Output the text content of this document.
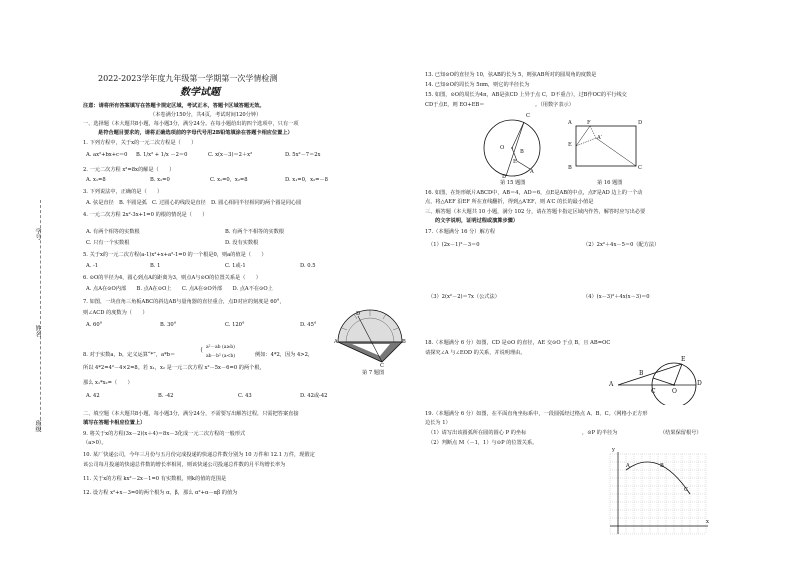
学号
姓名
班级
2022-2023学年度九年级第一学期第一次学情检测
数学试题
注意：请将所有答案填写在答题卡规定区域，考试正本，答题卡区域答题无效。
（本卷满分150分，共4页，考试时间120分钟）
一、选择题（本大题共8小题，每小题3分，满分24分。在每小题给出的四个选项中，只有一项
是符合题目要求的，请将正确选项前的字母代号用2B铅笔填涂在答题卡相应位置上）
1. 下列方程中，关于x的一元二次方程是（　　）
A. ax²+bx+c＝0 B. 1/x² + 1/x －2＝0	C. x(x－3)＝2＋x²	D. 5x²－7＝2x
2. 一元二次方程 x²=8x的解是（　　）
A. x₁=8	B. x₁=0	C. x₁=0，x₂=8	D. x₁=0，x₂=－8
3. 下列说法中，正确的是（　　）
A. 弦是直径　B. 半圆是弧　C. 过圆心的线段是直径　D. 圆心相同半径相同的两个圆是同心圆
4. 一元二次方程 2x²-3x+1=0 的根的情况是（　　）
A. 有两个相等的实数根	B. 有两个不相等的实数根
C. 只有一个实数根	D. 没有实数根
5. 关于x的一元二次方程(a-1)x²+x+a²-1=0 的一个根是0，则a的值是（　　）
A. -1	B. 1	C. 1或-1	D. 0.5
6. ⊙O的半径为4，圆心到点A的距离为3，则点A与⊙O的位置关系是（　　）
A. 点A在⊙O内部　　B. 点A在⊙O上　　C. 点A在⊙O外部　　D. 点A不在⊙O上
7. 如图，一块直角三角板ABC的斜边AB与量角器的直径重合，点D对应的刻度是 60°，
则∠ACD 的度数为（　　）
A. 60°	B. 30°	C. 120°	D. 45°
A	B
C
D
第 7 题图
8. 对于实数a，b，定义运算“*”，a*b＝
{ a²－ab (a≥b)
ab－b² (a<b)	例如：4*2，因为 4>2，
所以 4*2=4²－4×2=8。若 x₁，x₂ 是一元二次方程 x²－5x－6=0 的两个根，
那么 x₁*x₂=（　　）
A. 42	B. -42	C. 43	D. 42或-42
二、填空题（本大题共8小题，每小题3分，满分24分，不需要写出解答过程，只需把答案直接
填写在答题卡相应位置上）
9. 将关于x的方程(3x－2)(x＋4)＝8x－3化成一元二次方程的一般形式
（a>0）。
10. 某厂快递公司，今年三月份与五月份完成投递的快递总件数分别为 10 万件和 12.1 万件，现假定
该公司每月投递的快递总件数的增长率相同，则该快递公司投递总件数的月平均增长率为
11. 关于x的方程 kx²－2x－1=0 有实数根，则k的值的范围是
12. 设方程 x²+x－3=0的两个根为 α，β，那么 α²+α－αβ 的值为
13. 已知⊙O的直径为 10，弦AB的长为 5，则弦AB所对的圆周角的度数是
14. 已知⊙O的周长为 5πm，则它的半径长为
15. 如图，⊙O的周长为4π，AB是弦CD 上异于点 C，D不重合），过B作OC的平行线交
CD于点E，则 EO+EB＝	。（用数字表示）
C
O
E
B
D
A
第 15 题图
A	F	D
E
A′
B	C
第 16 题图
16. 如图，在矩形纸片ABCD中，AB＝4，AD＝6，点E是AB的中点，点F是AD 边上的一个动
点，将△AEF 沿EF 所在直线翻折，得到△A′EF，则 A′C 的长的最小值是
三、解答题（本大题共 10 小题，满分 102 分，请在答题卡指定区域内作答，解答时应写出必要
的文字说明，证明过程或演算步骤）
17.（本题满分 16 分）解方程
（1）(2x－1)²－3＝0	（2）2x²＋4x－5＝0（配方法）
（3）2(x²－2)＝7x（公式法）	（4）(x－3)²＋4x(x－3)＝0
18.（本题满分 6 分）如图，CD 是⊙O 的直径，AE 交⊙O 于点 B，且 AB=OC
请探究∠A 与∠EOD 的关系，并说明理由。
A
B
C	O
D
E
19.（本题满分 6 分）如图，在平面直角坐标系中，一段圆弧经过格点 A、B、C。（网格小正方形
边长为 1）
（1）请写出该圆弧所在圆的圆心 P 的坐标	，⊙P 的半径为	（结果保留根号）
（2）判断点 M（－1，1）与⊙P 的位置关系。
x
y
A	B
C
